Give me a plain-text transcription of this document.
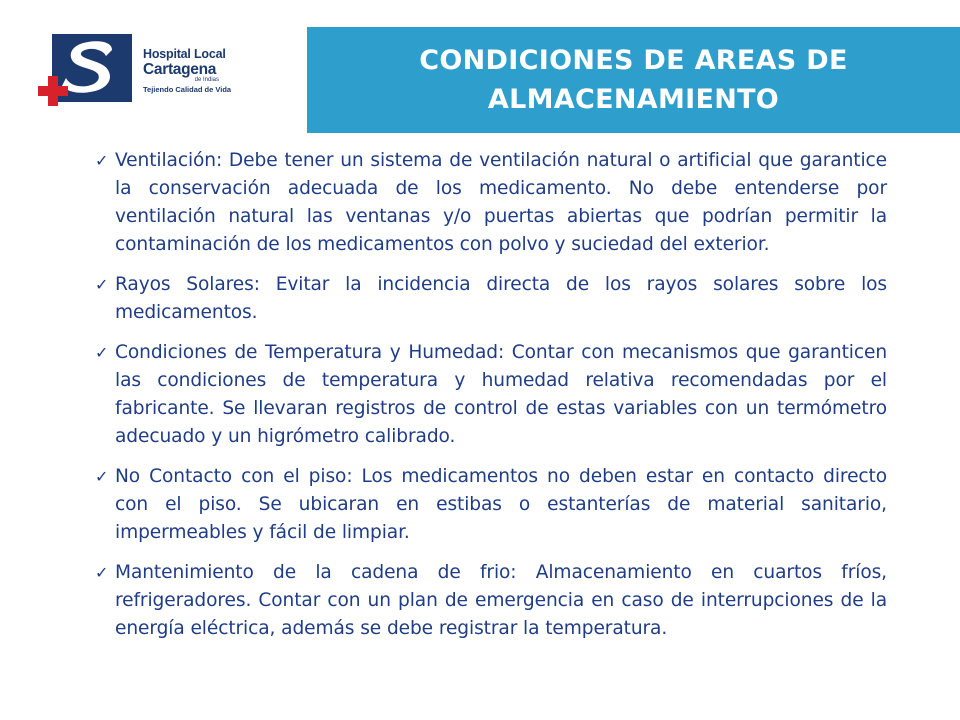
Hospital Local
Cartagena
de Indias
Tejiendo Calidad de Vida
CONDICIONES DE AREAS DE ALMACENAMIENTO
✓ Ventilación: Debe tener un sistema de ventilación natural o artificial que garantice la conservación adecuada de los medicamento. No debe entenderse por ventilación natural las ventanas y/o puertas abiertas que podrían permitir la contaminación de los medicamentos con polvo y suciedad del exterior.
✓ Rayos Solares: Evitar la incidencia directa de los rayos solares sobre los medicamentos.
✓ Condiciones de Temperatura y Humedad: Contar con mecanismos que garanticen las condiciones de temperatura y humedad relativa recomendadas por el fabricante. Se llevaran registros de control de estas variables con un termómetro adecuado y un higrómetro calibrado.
✓ No Contacto con el piso: Los medicamentos no deben estar en contacto directo con el piso. Se ubicaran en estibas o estanterías de material sanitario, impermeables y fácil de limpiar.
✓ Mantenimiento de la cadena de frio: Almacenamiento en cuartos fríos, refrigeradores. Contar con un plan de emergencia en caso de interrupciones de la energía eléctrica, además se debe registrar la temperatura.
